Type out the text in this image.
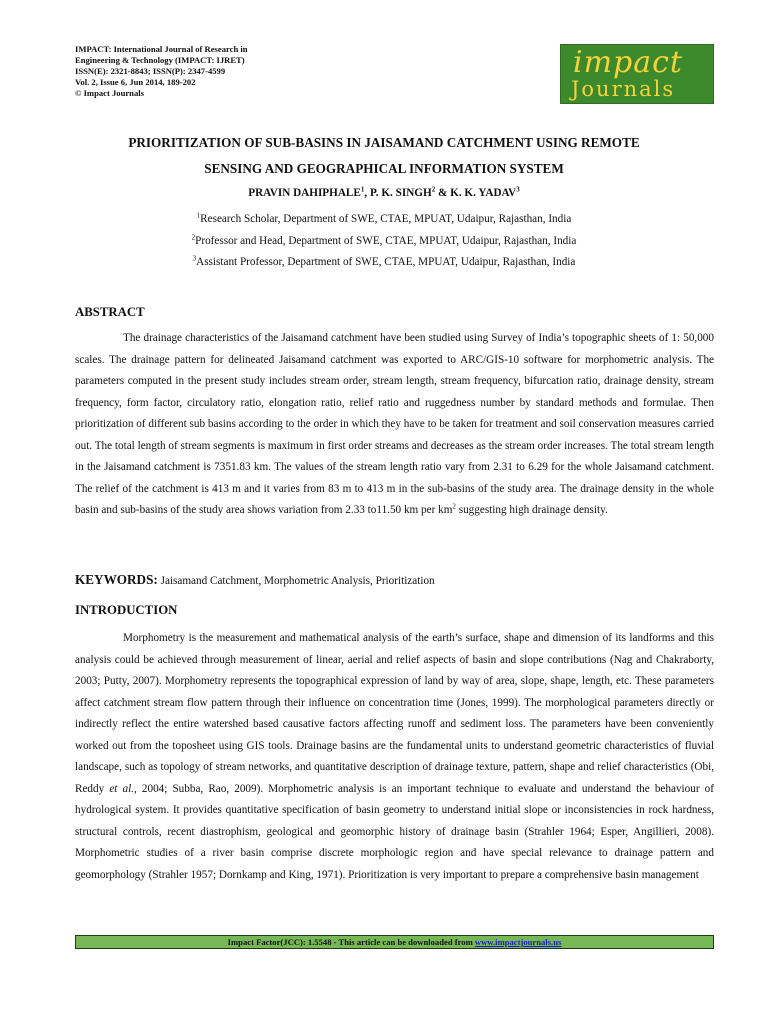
IMPACT: International Journal of Research in
Engineering & Technology (IMPACT: IJRET)
ISSN(E): 2321-8843; ISSN(P): 2347-4599
Vol. 2, Issue 6, Jun 2014, 189-202
© Impact Journals
impact
Journals
PRIORITIZATION OF SUB-BASINS IN JAISAMAND CATCHMENT USING REMOTE
SENSING AND GEOGRAPHICAL INFORMATION SYSTEM
PRAVIN DAHIPHALE$^1$, P. K. SINGH$^2$ & K. K. YADAV$^3$
$^1$Research Scholar, Department of SWE, CTAE, MPUAT, Udaipur, Rajasthan, India
$^2$Professor and Head, Department of SWE, CTAE, MPUAT, Udaipur, Rajasthan, India
$^3$Assistant Professor, Department of SWE, CTAE, MPUAT, Udaipur, Rajasthan, India
ABSTRACT
The drainage characteristics of the Jaisamand catchment have been studied using Survey of India’s topographic sheets of 1: 50,000 scales. The drainage pattern for delineated Jaisamand catchment was exported to ARC/GIS-10 software for morphometric analysis. The parameters computed in the present study includes stream order, stream length, stream frequency, bifurcation ratio, drainage density, stream frequency, form factor, circulatory ratio, elongation ratio, relief ratio and ruggedness number by standard methods and formulae. Then prioritization of different sub basins according to the order in which they have to be taken for treatment and soil conservation measures carried out. The total length of stream segments is maximum in first order streams and decreases as the stream order increases. The total stream length in the Jaisamand catchment is 7351.83 km. The values of the stream length ratio vary from 2.31 to 6.29 for the whole Jaisamand catchment. The relief of the catchment is 413 m and it varies from 83 m to 413 m in the sub-basins of the study area. The drainage density in the whole basin and sub-basins of the study area shows variation from 2.33 to11.50 km per $km^2$ suggesting high drainage density.
KEYWORDS: Jaisamand Catchment, Morphometric Analysis, Prioritization
INTRODUCTION
Morphometry is the measurement and mathematical analysis of the earth’s surface, shape and dimension of its landforms and this analysis could be achieved through measurement of linear, aerial and relief aspects of basin and slope contributions (Nag and Chakraborty, 2003; Putty, 2007). Morphometry represents the topographical expression of land by way of area, slope, shape, length, etc. These parameters affect catchment stream flow pattern through their influence on concentration time (Jones, 1999). The morphological parameters directly or indirectly reflect the entire watershed based causative factors affecting runoff and sediment loss. The parameters have been conveniently worked out from the toposheet using GIS tools. Drainage basins are the fundamental units to understand geometric characteristics of fluvial landscape, such as topology of stream networks, and quantitative description of drainage texture, pattern, shape and relief characteristics (Obi, Reddy et al., 2004; Subba, Rao, 2009). Morphometric analysis is an important technique to evaluate and understand the behaviour of hydrological system. It provides quantitative specification of basin geometry to understand initial slope or inconsistencies in rock hardness, structural controls, recent diastrophism, geological and geomorphic history of drainage basin (Strahler 1964; Esper, Angillieri, 2008). Morphometric studies of a river basin comprise discrete morphologic region and have special relevance to drainage pattern and geomorphology (Strahler 1957; Dornkamp and King, 1971). Prioritization is very important to prepare a comprehensive basin management
Impact Factor(JCC): 1.5548 - This article can be downloaded from www.impactjournals.us
